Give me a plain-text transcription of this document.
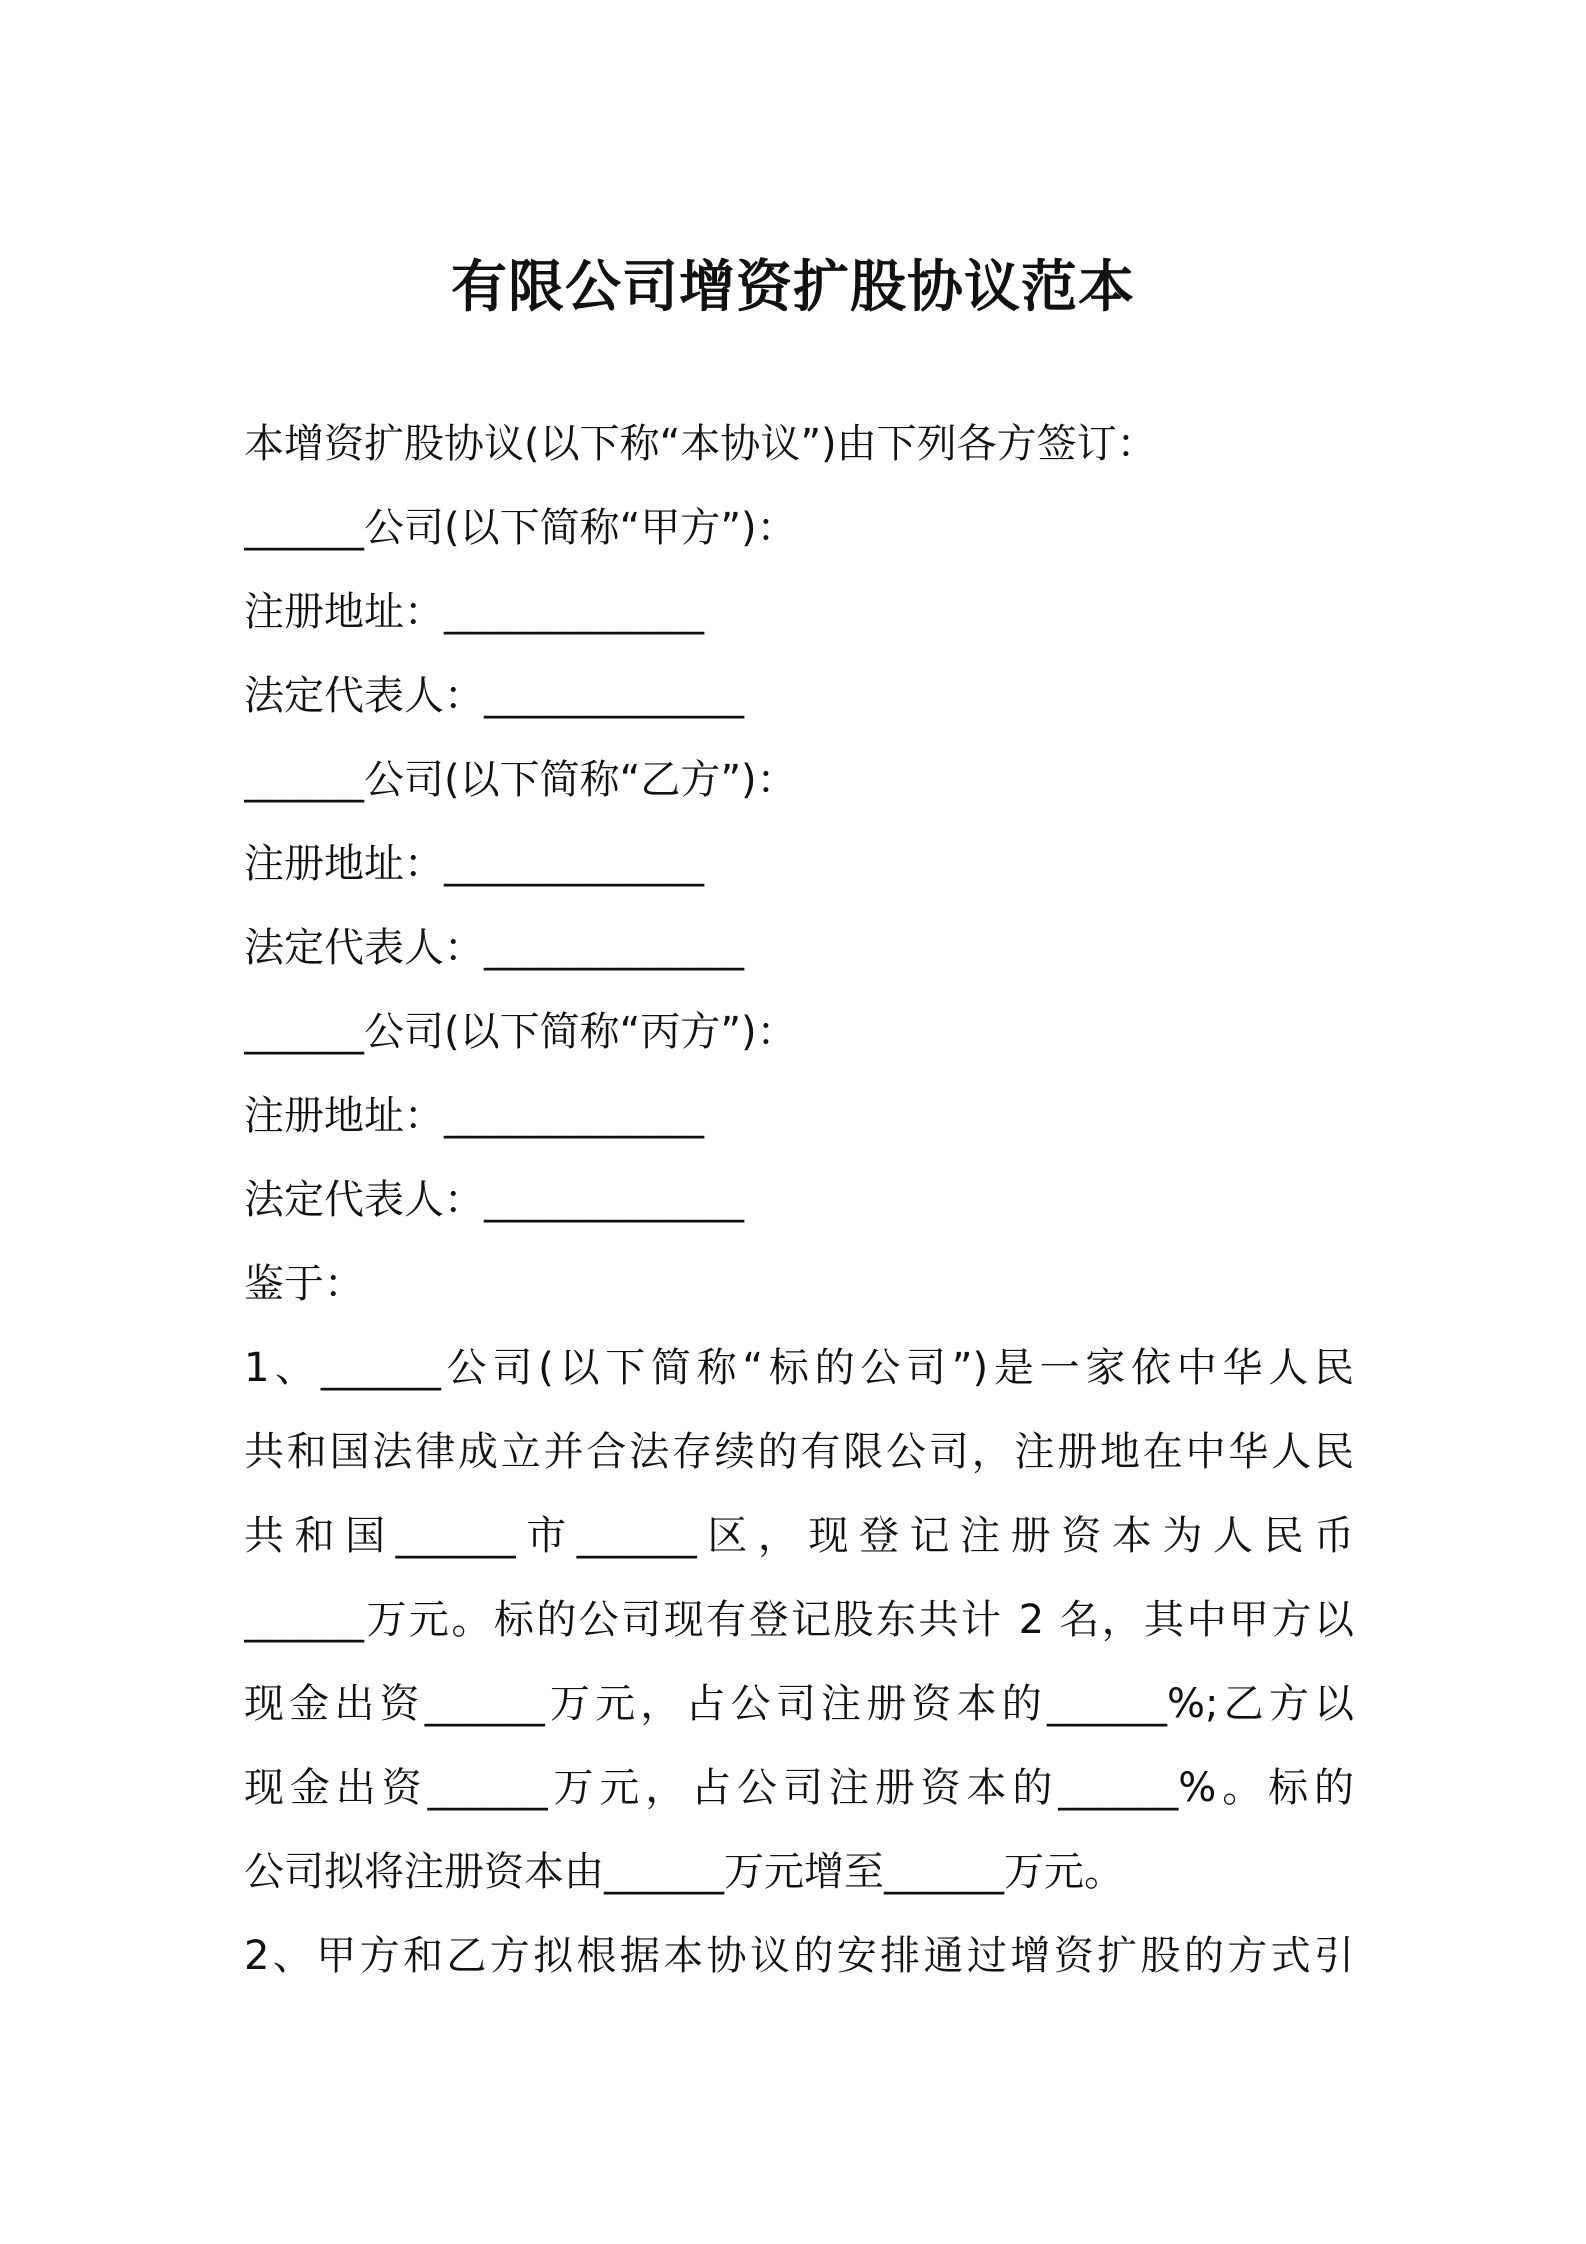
有限公司增资扩股协议范本
本增资扩股协议(以下称“本协议”)由下列各方签订：
______公司(以下简称“甲方”)：
注册地址：_____________
法定代表人：_____________
______公司(以下简称“乙方”)：
注册地址：_____________
法定代表人：_____________
______公司(以下简称“丙方”)：
注册地址：_____________
法定代表人：_____________
鉴于：
1、______公司(以下简称“标的公司”)是一家依中华人民
共和国法律成立并合法存续的有限公司，注册地在中华人民
共和国______市______区，现登记注册资本为人民币
______万元。标的公司现有登记股东共计 2 名，其中甲方以
现金出资______万元，占公司注册资本的______%;乙方以
现金出资______万元，占公司注册资本的______%。标的
公司拟将注册资本由______万元增至______万元。
2、甲方和乙方拟根据本协议的安排通过增资扩股的方式引
